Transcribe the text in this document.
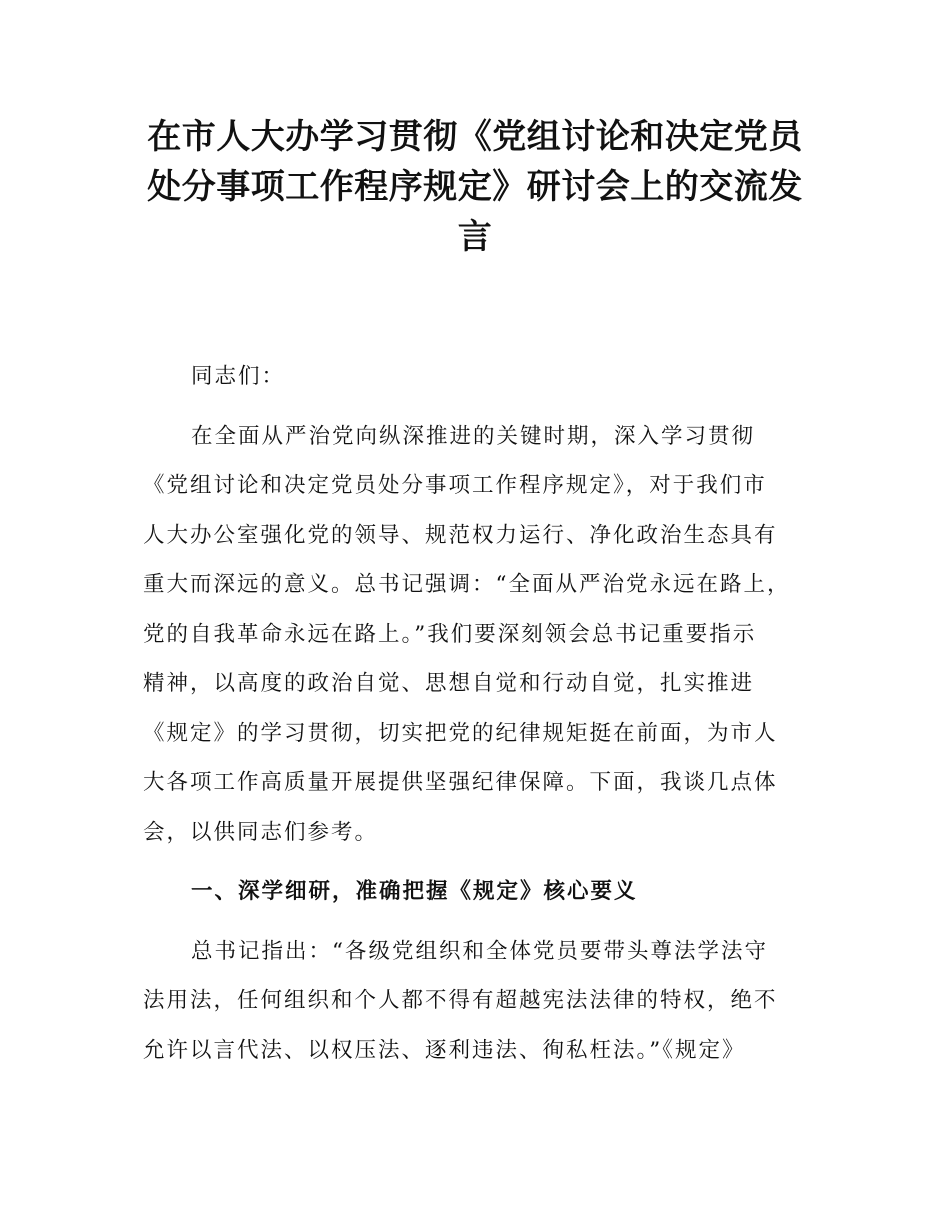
在市人大办学习贯彻《党组讨论和决定党员
处分事项工作程序规定》研讨会上的交流发
言

同志们：

在全面从严治党向纵深推进的关键时期，深入学习贯彻
《党组讨论和决定党员处分事项工作程序规定》，对于我们市
人大办公室强化党的领导、规范权力运行、净化政治生态具有
重大而深远的意义。总书记强调：“全面从严治党永远在路上，
党的自我革命永远在路上。”我们要深刻领会总书记重要指示
精神，以高度的政治自觉、思想自觉和行动自觉，扎实推进
《规定》的学习贯彻，切实把党的纪律规矩挺在前面，为市人
大各项工作高质量开展提供坚强纪律保障。下面，我谈几点体
会，以供同志们参考。

一、深学细研，准确把握《规定》核心要义

总书记指出：“各级党组织和全体党员要带头尊法学法守
法用法，任何组织和个人都不得有超越宪法法律的特权，绝不
允许以言代法、以权压法、逐利违法、徇私枉法。”《规定》
